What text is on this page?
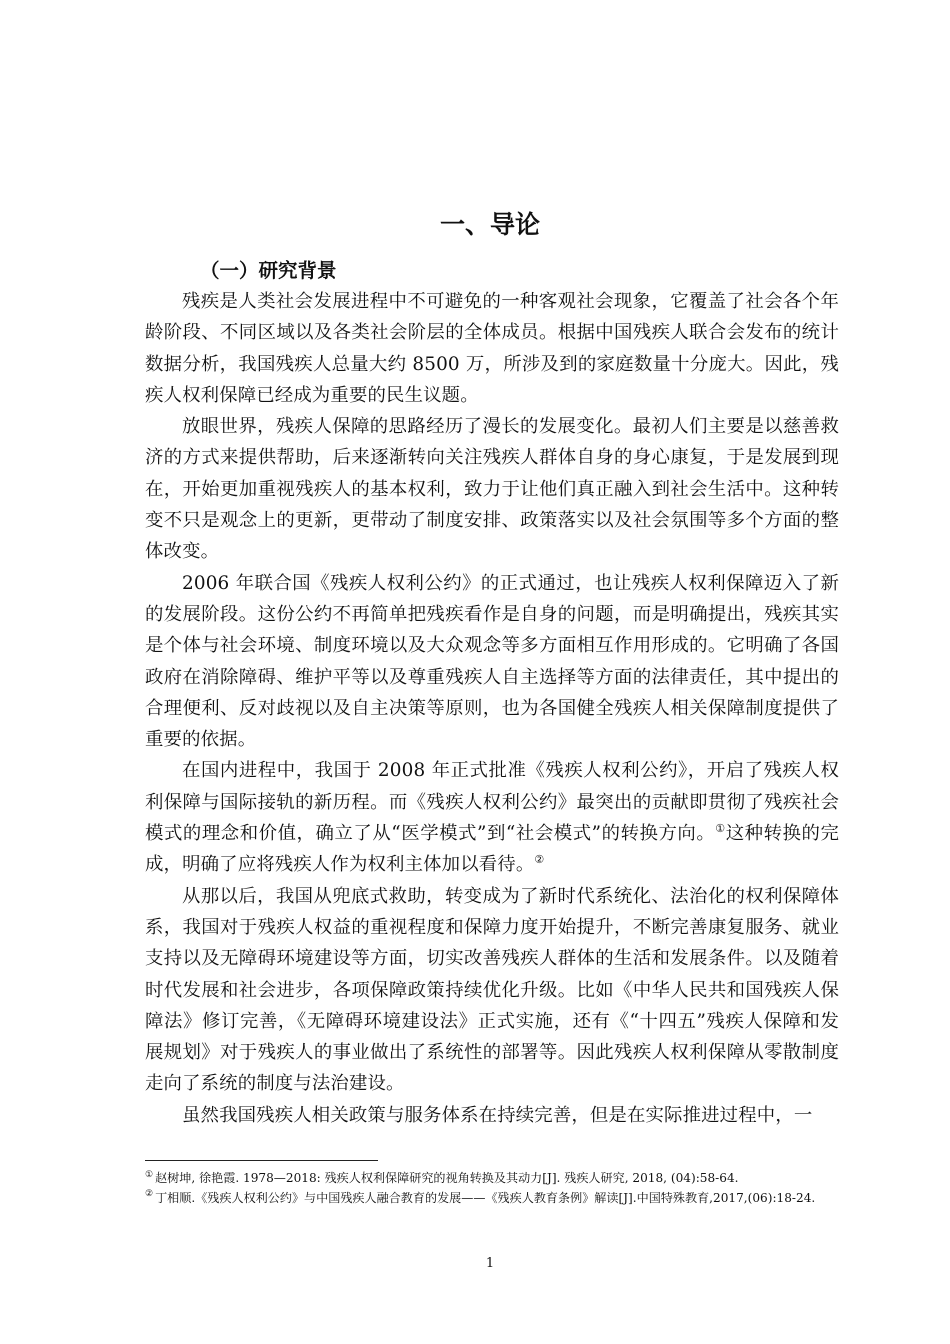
一、导论
（一）研究背景

残疾是人类社会发展进程中不可避免的一种客观社会现象，它覆盖了社会各个年龄阶段、不同区域以及各类社会阶层的全体成员。根据中国残疾人联合会发布的统计数据分析，我国残疾人总量大约 8500 万，所涉及到的家庭数量十分庞大。因此，残疾人权利保障已经成为重要的民生议题。

放眼世界，残疾人保障的思路经历了漫长的发展变化。最初人们主要是以慈善救济的方式来提供帮助，后来逐渐转向关注残疾人群体自身的身心康复，于是发展到现在，开始更加重视残疾人的基本权利，致力于让他们真正融入到社会生活中。这种转变不只是观念上的更新，更带动了制度安排、政策落实以及社会氛围等多个方面的整体改变。

2006 年联合国《残疾人权利公约》的正式通过，也让残疾人权利保障迈入了新的发展阶段。这份公约不再简单把残疾看作是自身的问题，而是明确提出，残疾其实是个体与社会环境、制度环境以及大众观念等多方面相互作用形成的。它明确了各国政府在消除障碍、维护平等以及尊重残疾人自主选择等方面的法律责任，其中提出的合理便利、反对歧视以及自主决策等原则，也为各国健全残疾人相关保障制度提供了重要的依据。

在国内进程中，我国于 2008 年正式批准《残疾人权利公约》，开启了残疾人权利保障与国际接轨的新历程。而《残疾人权利公约》最突出的贡献即贯彻了残疾社会模式的理念和价值，确立了从“医学模式”到“社会模式”的转换方向。①这种转换的完成，明确了应将残疾人作为权利主体加以看待。②

从那以后，我国从兜底式救助，转变成为了新时代系统化、法治化的权利保障体系，我国对于残疾人权益的重视程度和保障力度开始提升，不断完善康复服务、就业支持以及无障碍环境建设等方面，切实改善残疾人群体的生活和发展条件。以及随着时代发展和社会进步，各项保障政策持续优化升级。比如《中华人民共和国残疾人保障法》修订完善，《无障碍环境建设法》正式实施，还有《“十四五”残疾人保障和发展规划》对于残疾人的事业做出了系统性的部署等。因此残疾人权利保障从零散制度走向了系统的制度与法治建设。

虽然我国残疾人相关政策与服务体系在持续完善，但是在实际推进过程中，一

① 赵树坤, 徐艳霞. 1978—2018: 残疾人权利保障研究的视角转换及其动力[J]. 残疾人研究, 2018, (04):58-64.

② 丁相顺.《残疾人权利公约》与中国残疾人融合教育的发展——《残疾人教育条例》解读[J].中国特殊教育,2017,(06):18-24.

1
